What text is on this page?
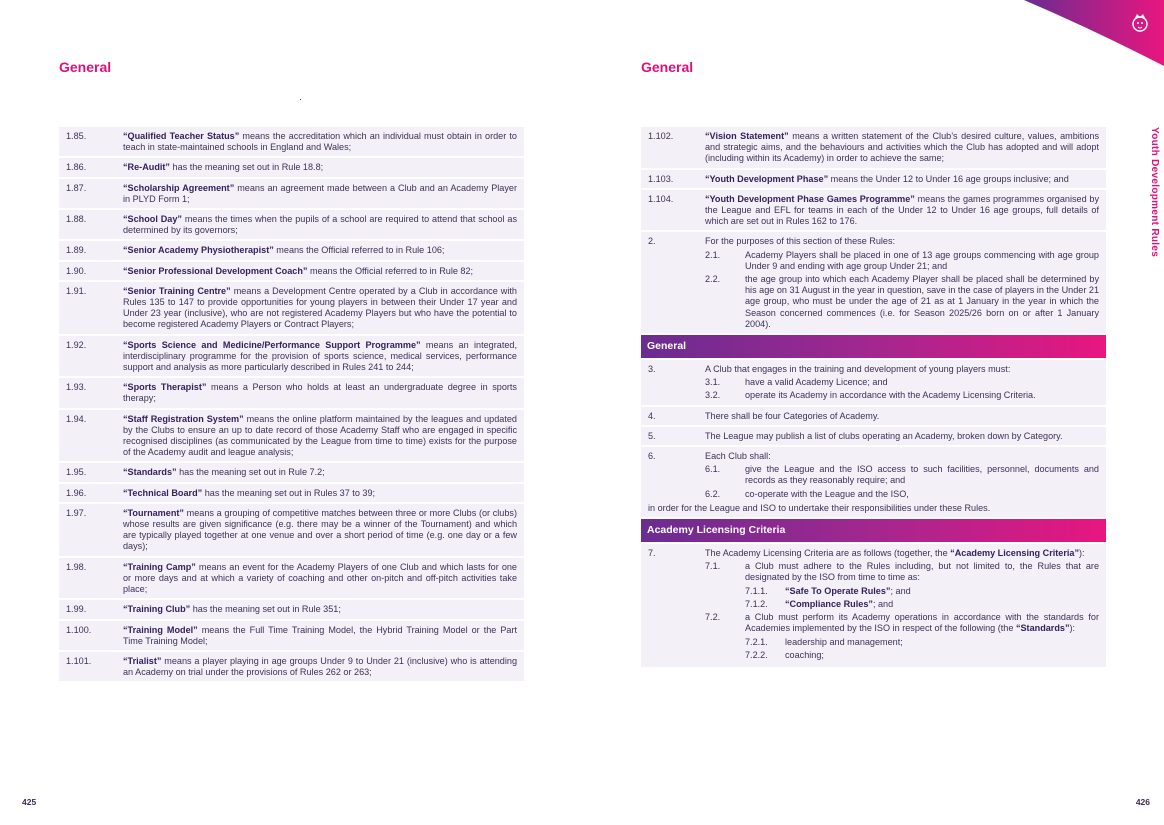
General
1.85.	“Qualified Teacher Status” means the accreditation which an individual must obtain in order to teach in state-maintained schools in England and Wales;
1.86.	“Re-Audit” has the meaning set out in Rule 18.8;
1.87.	“Scholarship Agreement” means an agreement made between a Club and an Academy Player in PLYD Form 1;
1.88.	“School Day” means the times when the pupils of a school are required to attend that school as determined by its governors;
1.89.	“Senior Academy Physiotherapist” means the Official referred to in Rule 106;
1.90.	“Senior Professional Development Coach” means the Official referred to in Rule 82;
1.91.	“Senior Training Centre” means a Development Centre operated by a Club in accordance with Rules 135 to 147 to provide opportunities for young players in between their Under 17 year and Under 23 year (inclusive), who are not registered Academy Players but who have the potential to become registered Academy Players or Contract Players;
1.92.	“Sports Science and Medicine/Performance Support Programme” means an integrated, interdisciplinary programme for the provision of sports science, medical services, performance support and analysis as more particularly described in Rules 241 to 244;
1.93.	“Sports Therapist” means a Person who holds at least an undergraduate degree in sports therapy;
1.94.	“Staff Registration System” means the online platform maintained by the leagues and updated by the Clubs to ensure an up to date record of those Academy Staff who are engaged in specific recognised disciplines (as communicated by the League from time to time) exists for the purpose of the Academy audit and league analysis;
1.95.	“Standards” has the meaning set out in Rule 7.2;
1.96.	“Technical Board” has the meaning set out in Rules 37 to 39;
1.97.	“Tournament” means a grouping of competitive matches between three or more Clubs (or clubs) whose results are given significance (e.g. there may be a winner of the Tournament) and which are typically played together at one venue and over a short period of time (e.g. one day or a few days);
1.98.	“Training Camp” means an event for the Academy Players of one Club and which lasts for one or more days and at which a variety of coaching and other on-pitch and off-pitch activities take place;
1.99.	“Training Club” has the meaning set out in Rule 351;
1.100.	“Training Model” means the Full Time Training Model, the Hybrid Training Model or the Part Time Training Model;
1.101.	“Trialist” means a player playing in age groups Under 9 to Under 21 (inclusive) who is attending an Academy on trial under the provisions of Rules 262 or 263;
425
General
Youth Development Rules
1.102.	“Vision Statement” means a written statement of the Club’s desired culture, values, ambitions and strategic aims, and the behaviours and activities which the Club has adopted and will adopt (including within its Academy) in order to achieve the same;
1.103.	“Youth Development Phase” means the Under 12 to Under 16 age groups inclusive; and
1.104.	“Youth Development Phase Games Programme” means the games programmes organised by the League and EFL for teams in each of the Under 12 to Under 16 age groups, full details of which are set out in Rules 162 to 176.
2.	For the purposes of this section of these Rules:
2.1.	Academy Players shall be placed in one of 13 age groups commencing with age group Under 9 and ending with age group Under 21; and
2.2.	the age group into which each Academy Player shall be placed shall be determined by his age on 31 August in the year in question, save in the case of players in the Under 21 age group, who must be under the age of 21 as at 1 January in the year in which the Season concerned commences (i.e. for Season 2025/26 born on or after 1 January 2004).
General
3.	A Club that engages in the training and development of young players must:
3.1.	have a valid Academy Licence; and
3.2.	operate its Academy in accordance with the Academy Licensing Criteria.
4.	There shall be four Categories of Academy.
5.	The League may publish a list of clubs operating an Academy, broken down by Category.
6.	Each Club shall:
6.1.	give the League and the ISO access to such facilities, personnel, documents and records as they reasonably require; and
6.2.	co-operate with the League and the ISO,
in order for the League and ISO to undertake their responsibilities under these Rules.
Academy Licensing Criteria
7.	The Academy Licensing Criteria are as follows (together, the “Academy Licensing Criteria”):
7.1.	a Club must adhere to the Rules including, but not limited to, the Rules that are designated by the ISO from time to time as:
7.1.1.	“Safe To Operate Rules”; and
7.1.2.	“Compliance Rules”; and
7.2.	a Club must perform its Academy operations in accordance with the standards for Academies implemented by the ISO in respect of the following (the “Standards”):
7.2.1.	leadership and management;
7.2.2.	coaching;
426
